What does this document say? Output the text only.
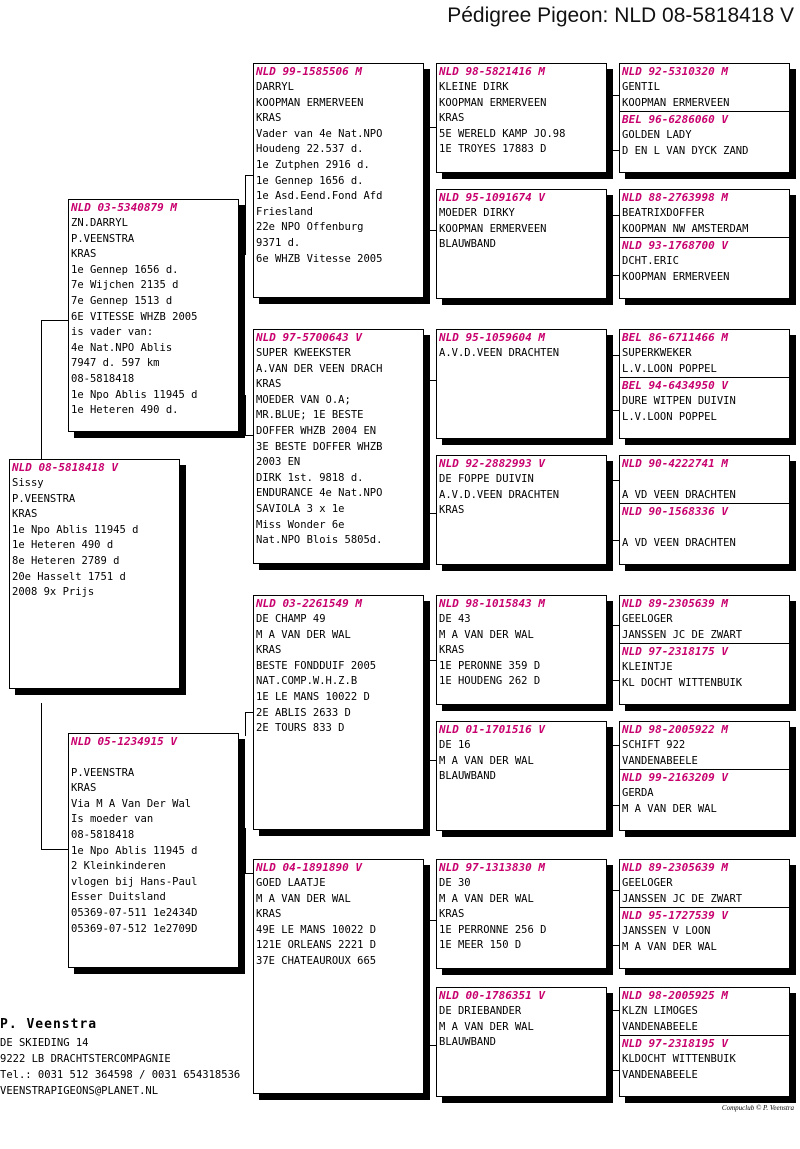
Pédigree Pigeon: NLD 08-5818418 V
NLD 08-5818418 V
Sissy
P.VEENSTRA
KRAS
1e Npo Ablis 11945 d
1e Heteren 490 d
8e Heteren 2789 d
20e Hasselt 1751 d
2008 9x Prijs
NLD 03-5340879 M
ZN.DARRYL
P.VEENSTRA
KRAS
1e Gennep 1656 d.
7e Wijchen 2135 d
7e Gennep 1513 d
6E VITESSE WHZB 2005
is vader van:
4e Nat.NPO Ablis
7947 d. 597 km
08-5818418
1e Npo Ablis 11945 d
1e Heteren 490 d.
NLD 05-1234915 V

P.VEENSTRA
KRAS
Via M A Van Der Wal
Is moeder van
08-5818418
1e Npo Ablis 11945 d
2 Kleinkinderen
vlogen bij Hans-Paul
Esser Duitsland
05369-07-511 1e2434D
05369-07-512 1e2709D
NLD 99-1585506 M
DARRYL
KOOPMAN ERMERVEEN
KRAS
Vader van 4e Nat.NPO
Houdeng 22.537 d.
1e Zutphen 2916 d.
1e Gennep 1656 d.
1e Asd.Eend.Fond Afd
Friesland
22e NPO Offenburg
9371 d.
6e WHZB Vitesse 2005
NLD 97-5700643 V
SUPER KWEEKSTER
A.VAN DER VEEN DRACH
KRAS
MOEDER VAN O.A;
MR.BLUE; 1E BESTE
DOFFER WHZB 2004 EN
3E BESTE DOFFER WHZB
2003 EN
DIRK 1st. 9818 d.
ENDURANCE 4e Nat.NPO
SAVIOLA 3 x 1e
Miss Wonder 6e
Nat.NPO Blois 5805d.
NLD 03-2261549 M
DE CHAMP 49
M A VAN DER WAL
KRAS
BESTE FONDDUIF 2005
NAT.COMP.W.H.Z.B
1E LE MANS 10022 D
2E ABLIS 2633 D
2E TOURS 833 D
NLD 04-1891890 V
GOED LAATJE
M A VAN DER WAL
KRAS
49E LE MANS 10022 D
121E ORLEANS 2221 D
37E CHATEAUROUX 665
NLD 98-5821416 M
KLEINE DIRK
KOOPMAN ERMERVEEN
KRAS
5E WERELD KAMP JO.98
1E TROYES 17883 D
NLD 95-1091674 V
MOEDER DIRKY
KOOPMAN ERMERVEEN
BLAUWBAND
NLD 95-1059604 M
A.V.D.VEEN DRACHTEN
NLD 92-2882993 V
DE FOPPE DUIVIN
A.V.D.VEEN DRACHTEN
KRAS
NLD 98-1015843 M
DE 43
M A VAN DER WAL
KRAS
1E PERONNE 359 D
1E HOUDENG 262 D
NLD 01-1701516 V
DE 16
M A VAN DER WAL
BLAUWBAND
NLD 97-1313830 M
DE 30
M A VAN DER WAL
KRAS
1E PERRONNE 256 D
1E MEER 150 D
NLD 00-1786351 V
DE DRIEBANDER
M A VAN DER WAL
BLAUWBAND
NLD 92-5310320 M
GENTIL
KOOPMAN ERMERVEEN
BEL 96-6286060 V
GOLDEN LADY
D EN L VAN DYCK ZAND
NLD 88-2763998 M
BEATRIXDOFFER
KOOPMAN NW AMSTERDAM
NLD 93-1768700 V
DCHT.ERIC
KOOPMAN ERMERVEEN
BEL 86-6711466 M
SUPERKWEKER
L.V.LOON POPPEL
BEL 94-6434950 V
DURE WITPEN DUIVIN
L.V.LOON POPPEL
NLD 90-4222741 M

A VD VEEN DRACHTEN
NLD 90-1568336 V

A VD VEEN DRACHTEN
NLD 89-2305639 M
GEELOGER
JANSSEN JC DE ZWART
NLD 97-2318175 V
KLEINTJE
KL DOCHT WITTENBUIK
NLD 98-2005922 M
SCHIFT 922
VANDENABEELE
NLD 99-2163209 V
GERDA
M A VAN DER WAL
NLD 89-2305639 M
GEELOGER
JANSSEN JC DE ZWART
NLD 95-1727539 V
JANSSEN V LOON
M A VAN DER WAL
NLD 98-2005925 M
KLZN LIMOGES
VANDENABEELE
NLD 97-2318195 V
KLDOCHT WITTENBUIK
VANDENABEELE
P. Veenstra
DE SKIEDING 14
9222 LB DRACHTSTERCOMPAGNIE
Tel.: 0031 512 364598 / 0031 654318536
VEENSTRAPIGEONS@PLANET.NL
Compuclub © P. Veenstra
